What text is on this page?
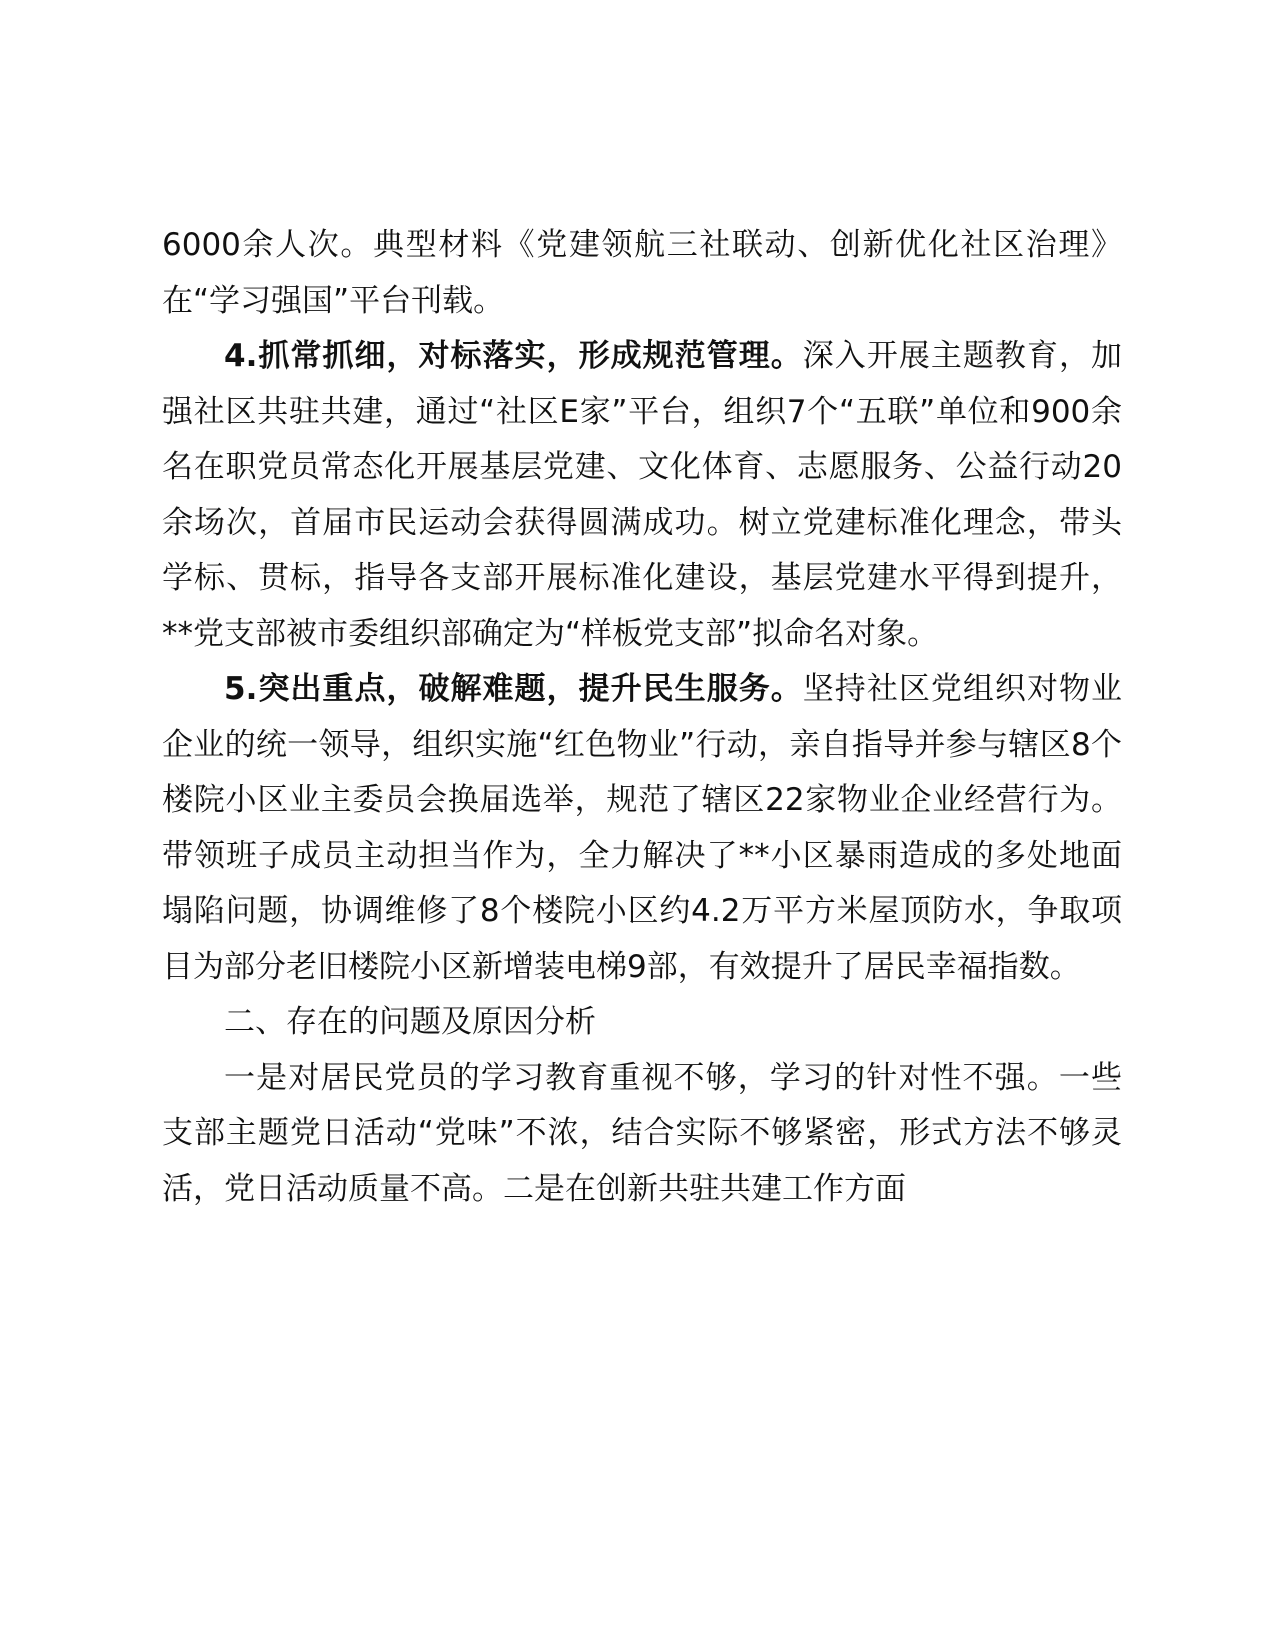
6000余人次。典型材料《党建领航三社联动、创新优化社区治理》在“学习强国”平台刊载。

4.抓常抓细，对标落实，形成规范管理。深入开展主题教育，加强社区共驻共建，通过“社区E家”平台，组织7个“五联”单位和900余名在职党员常态化开展基层党建、文化体育、志愿服务、公益行动20余场次，首届市民运动会获得圆满成功。树立党建标准化理念，带头学标、贯标，指导各支部开展标准化建设，基层党建水平得到提升，**党支部被市委组织部确定为“样板党支部”拟命名对象。

5.突出重点，破解难题，提升民生服务。坚持社区党组织对物业企业的统一领导，组织实施“红色物业”行动，亲自指导并参与辖区8个楼院小区业主委员会换届选举，规范了辖区22家物业企业经营行为。带领班子成员主动担当作为，全力解决了**小区暴雨造成的多处地面塌陷问题，协调维修了8个楼院小区约4.2万平方米屋顶防水，争取项目为部分老旧楼院小区新增装电梯9部，有效提升了居民幸福指数。

二、存在的问题及原因分析

一是对居民党员的学习教育重视不够，学习的针对性不强。一些支部主题党日活动“党味”不浓，结合实际不够紧密，形式方法不够灵活，党日活动质量不高。二是在创新共驻共建工作方面
